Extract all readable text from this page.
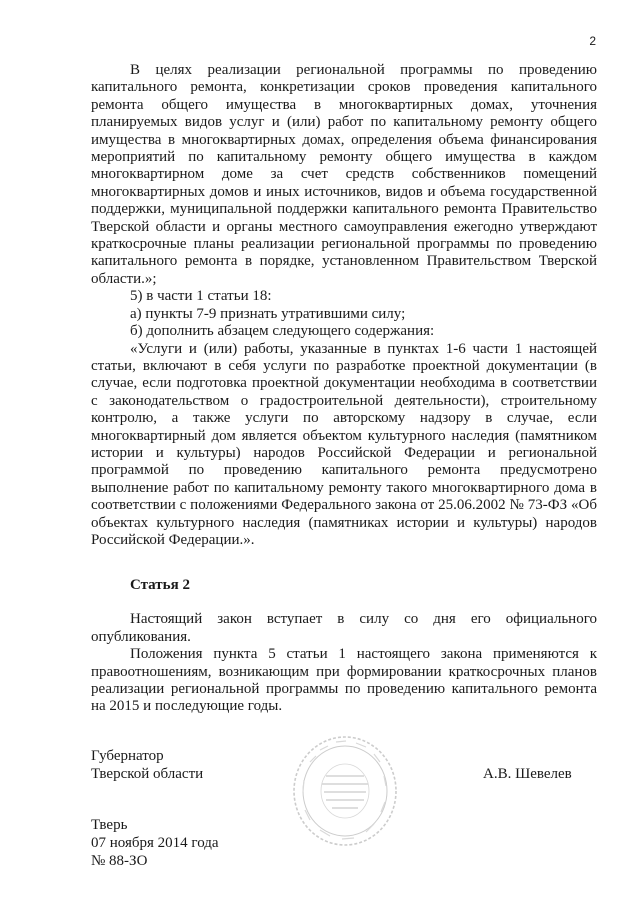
2

В целях реализации региональной программы по проведению капитального ремонта, конкретизации сроков проведения капитального ремонта общего имущества в многоквартирных домах, уточнения планируемых видов услуг и (или) работ по капитальному ремонту общего имущества в многоквартирных домах, определения объема финансирования мероприятий по капитальному ремонту общего имущества в каждом многоквартирном доме за счет средств собственников помещений многоквартирных домов и иных источников, видов и объема государственной поддержки, муниципальной поддержки капитального ремонта Правительство Тверской области и органы местного самоуправления ежегодно утверждают краткосрочные планы реализации региональной программы по проведению капитального ремонта в порядке, установленном Правительством Тверской области.»;

5) в части 1 статьи 18:

а) пункты 7-9 признать утратившими силу;

б) дополнить абзацем следующего содержания:

«Услуги и (или) работы, указанные в пунктах 1-6 части 1 настоящей статьи, включают в себя услуги по разработке проектной документации (в случае, если подготовка проектной документации необходима в соответствии с законодательством о градостроительной деятельности), строительному контролю, а также услуги по авторскому надзору в случае, если многоквартирный дом является объектом культурного наследия (памятником истории и культуры) народов Российской Федерации и региональной программой по проведению капитального ремонта предусмотрено выполнение работ по капитальному ремонту такого многоквартирного дома в соответствии с положениями Федерального закона от 25.06.2002 № 73-ФЗ «Об объектах культурного наследия (памятниках истории и культуры) народов Российской Федерации.».

Статья 2

Настоящий закон вступает в силу со дня его официального опубликования.

Положения пункта 5 статьи 1 настоящего закона применяются к правоотношениям, возникающим при формировании краткосрочных планов реализации региональной программы по проведению капитального ремонта на 2015 и последующие годы.

Губернатор
Тверской области	А.В. Шевелев
Тверь
07 ноября 2014 года
№ 88-ЗО
